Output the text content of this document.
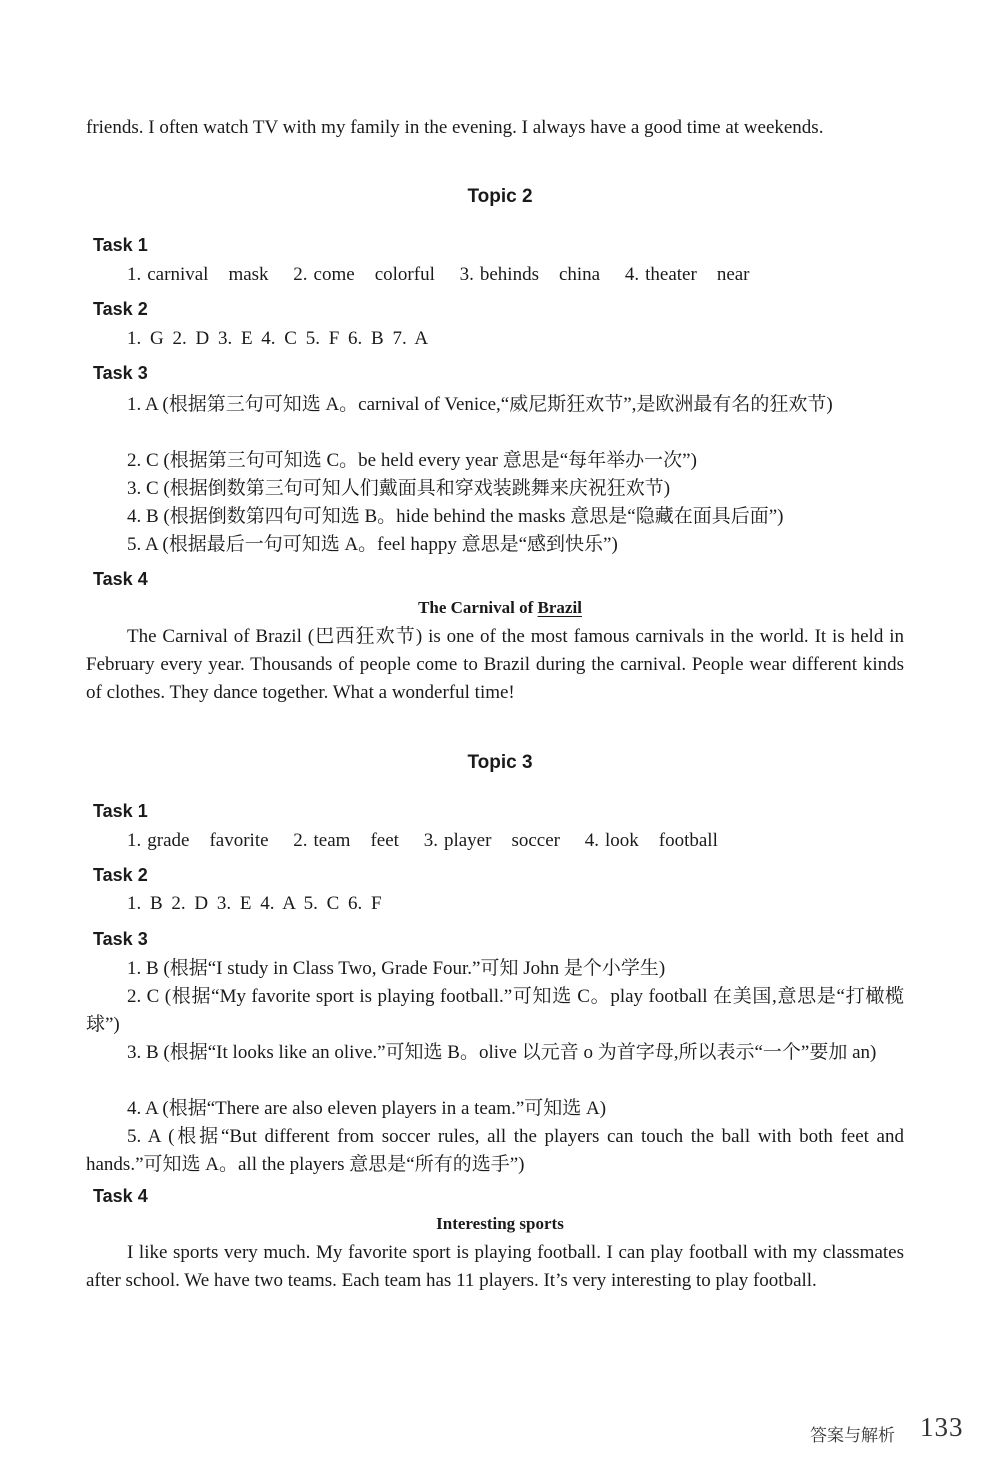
friends. I often watch TV with my family in the evening. I always have a good time at weekends.

Topic 2
Task 1
1. carnival mask 2. come colorful 3. behinds china 4. theater near
Task 2
1. G 2. D 3. E 4. C 5. F 6. B 7. A
Task 3

1. A (根据第三句可知选 A。carnival of Venice,“威尼斯狂欢节”,是欧洲最有名的狂欢节)

2. C (根据第三句可知选 C。be held every year 意思是“每年举办一次”)

3. C (根据倒数第三句可知人们戴面具和穿戏装跳舞来庆祝狂欢节)

4. B (根据倒数第四句可知选 B。hide behind the masks 意思是“隐藏在面具后面”)

5. A (根据最后一句可知选 A。feel happy 意思是“感到快乐”)

Task 4
The Carnival of Brazil

The Carnival of Brazil (巴西狂欢节) is one of the most famous carnivals in the world. It is held in February every year. Thousands of people come to Brazil during the carnival. People wear different kinds of clothes. They dance together. What a wonderful time!

Topic 3
Task 1
1. grade favorite 2. team feet 3. player soccer 4. look football
Task 2
1. B 2. D 3. E 4. A 5. C 6. F
Task 3

1. B (根据“I study in Class Two, Grade Four.”可知 John 是个小学生)

2. C (根据“My favorite sport is playing football.”可知选 C。play football 在美国,意思是“打橄榄球”)

3. B (根据“It looks like an olive.”可知选 B。olive 以元音 o 为首字母,所以表示“一个”要加 an)

4. A (根据“There are also eleven players in a team.”可知选 A)

5. A (根据“But different from soccer rules, all the players can touch the ball with both feet and hands.”可知选 A。all the players 意思是“所有的选手”)

Task 4
Interesting sports

I like sports very much. My favorite sport is playing football. I can play football with my classmates after school. We have two teams. Each team has 11 players. It’s very interesting to play football.

答案与解析 133
